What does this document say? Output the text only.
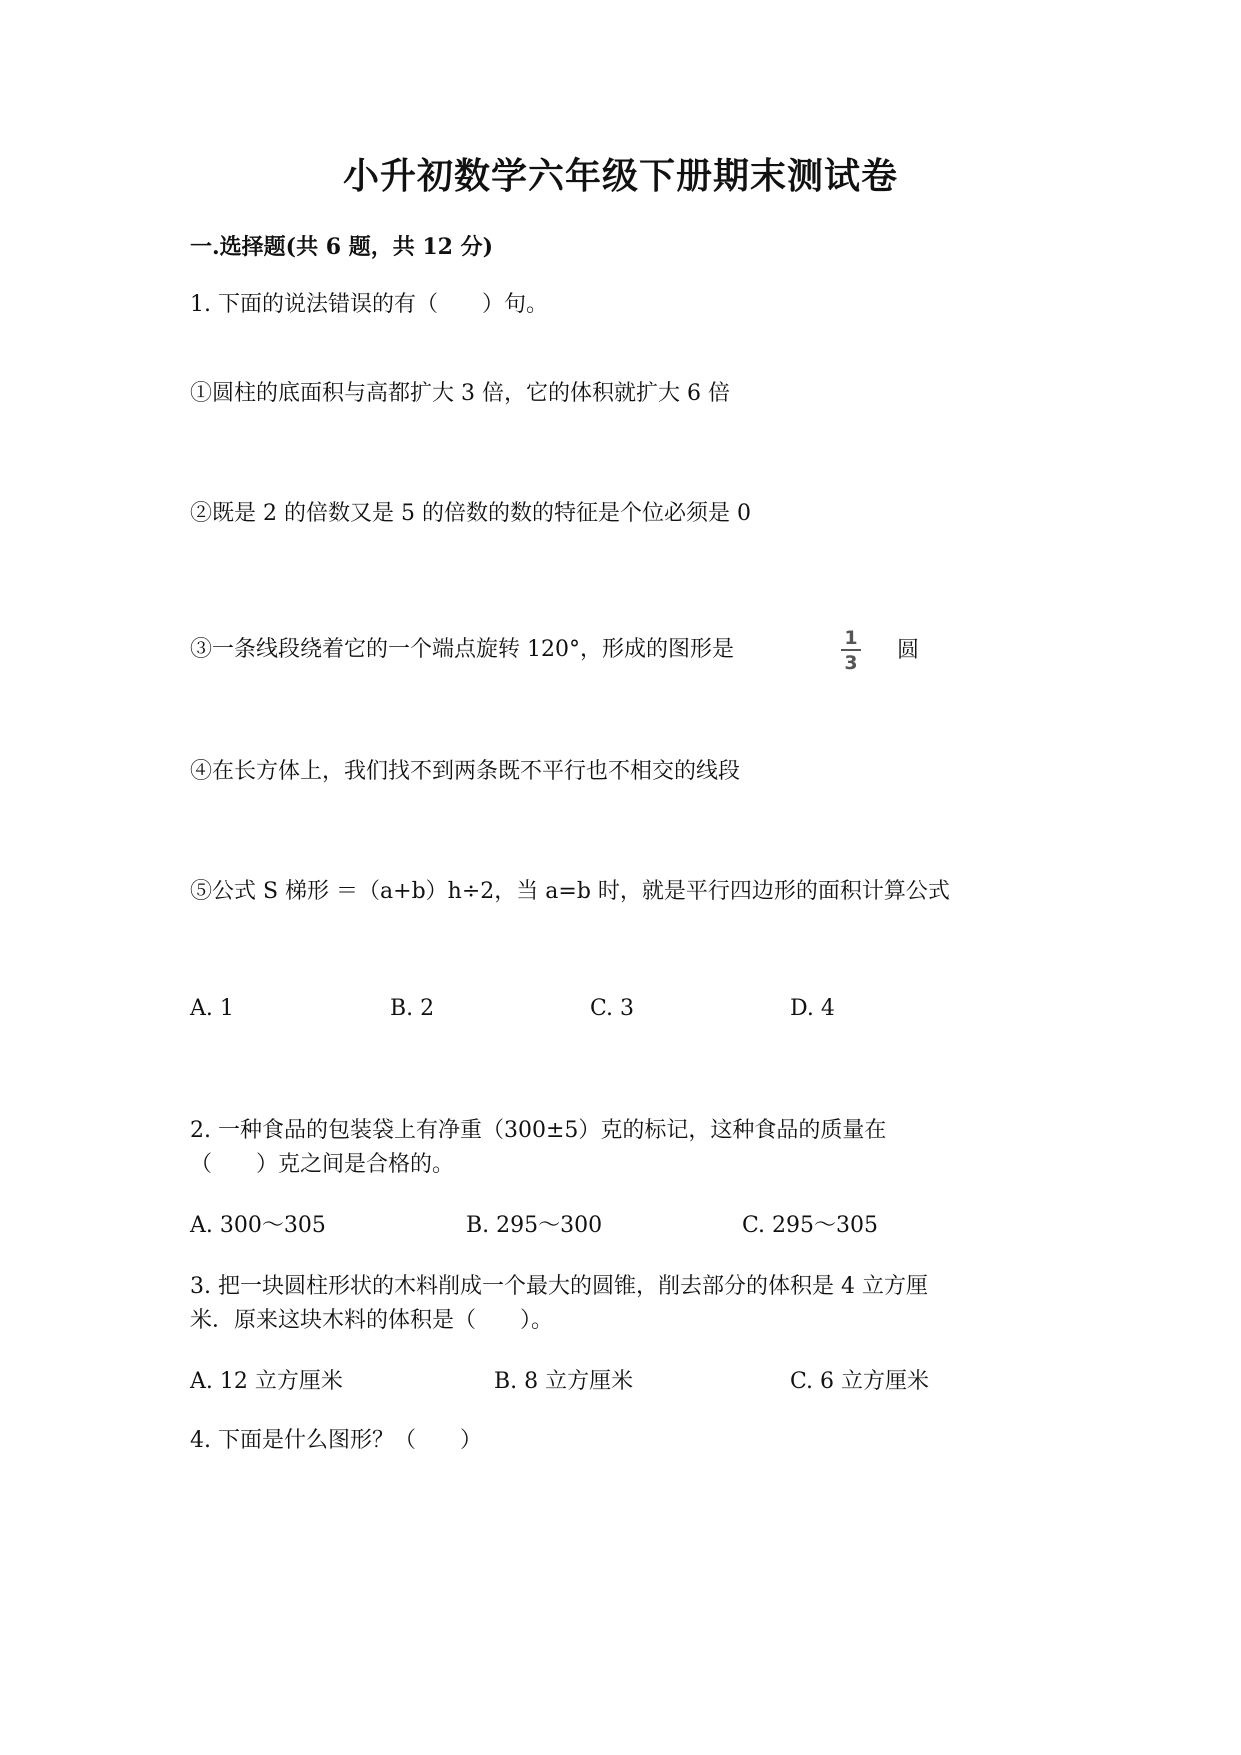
小升初数学六年级下册期末测试卷
一.选择题(共 6 题，共 12 分)
1. 下面的说法错误的有（　　）句。
①圆柱的底面积与高都扩大 3 倍，它的体积就扩大 6 倍
②既是 2 的倍数又是 5 的倍数的数的特征是个位必须是 0
③一条线段绕着它的一个端点旋转 120°，形成的图形是	1
3 圆
④在长方体上，我们找不到两条既不平行也不相交的线段
⑤公式 S 梯形 ＝（a+b）h÷2，当 a=b 时，就是平行四边形的面积计算公式
A. 1	B. 2	C. 3	D. 4
2. 一种食品的包装袋上有净重（300±5）克的标记，这种食品的质量在
（　　）克之间是合格的。
A. 300～305	B. 295～300	C. 295～305
3. 把一块圆柱形状的木料削成一个最大的圆锥，削去部分的体积是 4 立方厘
米．原来这块木料的体积是（　　）。
A. 12 立方厘米	B. 8 立方厘米	C. 6 立方厘米
4. 下面是什么图形？（　　）
